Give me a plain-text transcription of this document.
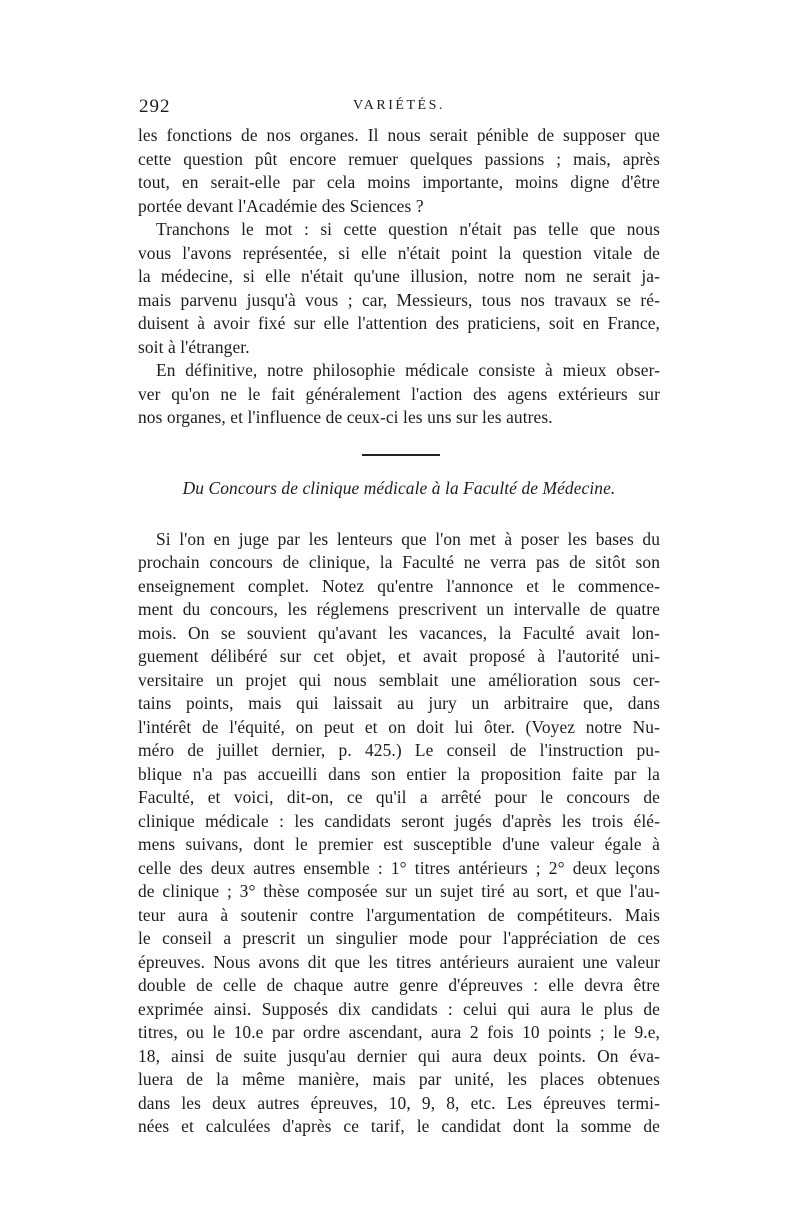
292	VARIÉTÉS.

les fonctions de nos organes. Il nous serait pénible de supposer que

cette question pût encore remuer quelques passions ; mais, après

tout, en serait-elle par cela moins importante, moins digne d'être

portée devant l'Académie des Sciences ?

Tranchons le mot : si cette question n'était pas telle que nous

vous l'avons représentée, si elle n'était point la question vitale de

la médecine, si elle n'était qu'une illusion, notre nom ne serait ja-

mais parvenu jusqu'à vous ; car, Messieurs, tous nos travaux se ré-

duisent à avoir fixé sur elle l'attention des praticiens, soit en France,

soit à l'étranger.

En définitive, notre philosophie médicale consiste à mieux obser-

ver qu'on ne le fait généralement l'action des agens extérieurs sur

nos organes, et l'influence de ceux-ci les uns sur les autres.

Du Concours de clinique médicale à la Faculté de Médecine.

Si l'on en juge par les lenteurs que l'on met à poser les bases du

prochain concours de clinique, la Faculté ne verra pas de sitôt son

enseignement complet. Notez qu'entre l'annonce et le commence-

ment du concours, les réglemens prescrivent un intervalle de quatre

mois. On se souvient qu'avant les vacances, la Faculté avait lon-

guement délibéré sur cet objet, et avait proposé à l'autorité uni-

versitaire un projet qui nous semblait une amélioration sous cer-

tains points, mais qui laissait au jury un arbitraire que, dans

l'intérêt de l'équité, on peut et on doit lui ôter. (Voyez notre Nu-

méro de juillet dernier, p. 425.) Le conseil de l'instruction pu-

blique n'a pas accueilli dans son entier la proposition faite par la

Faculté, et voici, dit-on, ce qu'il a arrêté pour le concours de

clinique médicale : les candidats seront jugés d'après les trois élé-

mens suivans, dont le premier est susceptible d'une valeur égale à

celle des deux autres ensemble : 1° titres antérieurs ; 2° deux leçons

de clinique ; 3° thèse composée sur un sujet tiré au sort, et que l'au-

teur aura à soutenir contre l'argumentation de compétiteurs. Mais

le conseil a prescrit un singulier mode pour l'appréciation de ces

épreuves. Nous avons dit que les titres antérieurs auraient une valeur

double de celle de chaque autre genre d'épreuves : elle devra être

exprimée ainsi. Supposés dix candidats : celui qui aura le plus de

titres, ou le 10.e par ordre ascendant, aura 2 fois 10 points ; le 9.e,

18, ainsi de suite jusqu'au dernier qui aura deux points. On éva-

luera de la même manière, mais par unité, les places obtenues

dans les deux autres épreuves, 10, 9, 8, etc. Les épreuves termi-

nées et calculées d'après ce tarif, le candidat dont la somme de
